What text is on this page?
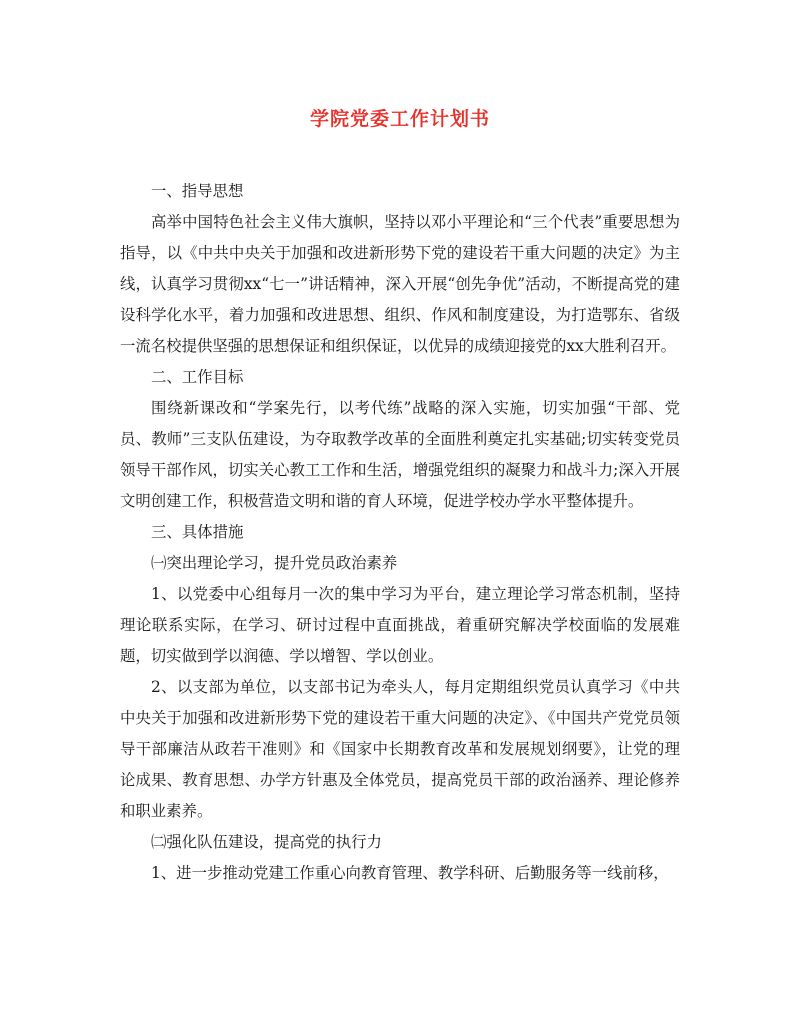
学院党委工作计划书

一、指导思想

高举中国特色社会主义伟大旗帜，坚持以邓小平理论和“三个代表”重要思想为指导，以《中共中央关于加强和改进新形势下党的建设若干重大问题的决定》为主线，认真学习贯彻xx“七一”讲话精神，深入开展“创先争优”活动，不断提高党的建设科学化水平，着力加强和改进思想、组织、作风和制度建设，为打造鄂东、省级一流名校提供坚强的思想保证和组织保证，以优异的成绩迎接党的xx大胜利召开。

二、工作目标

围绕新课改和“学案先行，以考代练”战略的深入实施，切实加强“干部、党员、教师”三支队伍建设，为夺取教学改革的全面胜利奠定扎实基础;切实转变党员领导干部作风，切实关心教工工作和生活，增强党组织的凝聚力和战斗力;深入开展文明创建工作，积极营造文明和谐的育人环境，促进学校办学水平整体提升。

三、具体措施

㈠突出理论学习，提升党员政治素养

1、以党委中心组每月一次的集中学习为平台，建立理论学习常态机制，坚持理论联系实际，在学习、研讨过程中直面挑战，着重研究解决学校面临的发展难题，切实做到学以润德、学以增智、学以创业。

2、以支部为单位，以支部书记为牵头人，每月定期组织党员认真学习《中共中央关于加强和改进新形势下党的建设若干重大问题的决定》、《中国共产党党员领导干部廉洁从政若干准则》和《国家中长期教育改革和发展规划纲要》，让党的理论成果、教育思想、办学方针惠及全体党员，提高党员干部的政治涵养、理论修养和职业素养。

㈡强化队伍建设，提高党的执行力

1、进一步推动党建工作重心向教育管理、教学科研、后勤服务等一线前移，
